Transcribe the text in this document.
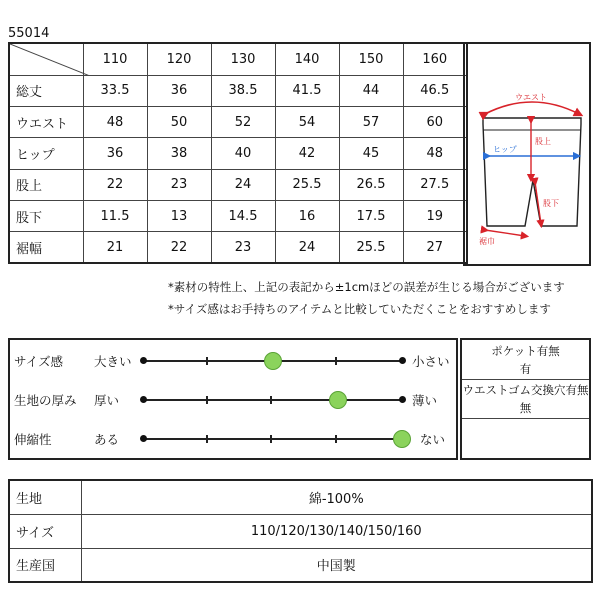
55014
	110	120	130	140	150	160
総丈	33.5	36	38.5	41.5	44	46.5
ウエスト	48	50	52	54	57	60
ヒップ	36	38	40	42	45	48
股上	22	23	24	25.5	26.5	27.5
股下	11.5	13	14.5	16	17.5	19
裾幅	21	22	23	24	25.5	27
ウエスト
ヒップ
股上
股下
裾巾
*素材の特性上、上記の表記から±1cmほどの誤差が生じる場合がございます
*サイズ感はお手持ちのアイテムと比較していただくことをおすすめします
サイズ感 大きい	小さい
生地の厚み 厚い	薄い
伸縮性	ある	ない
ポケット有無
有
ウエストゴム交換穴有無
無
生地	綿-100%
サイズ	110/120/130/140/150/160
生産国	中国製
